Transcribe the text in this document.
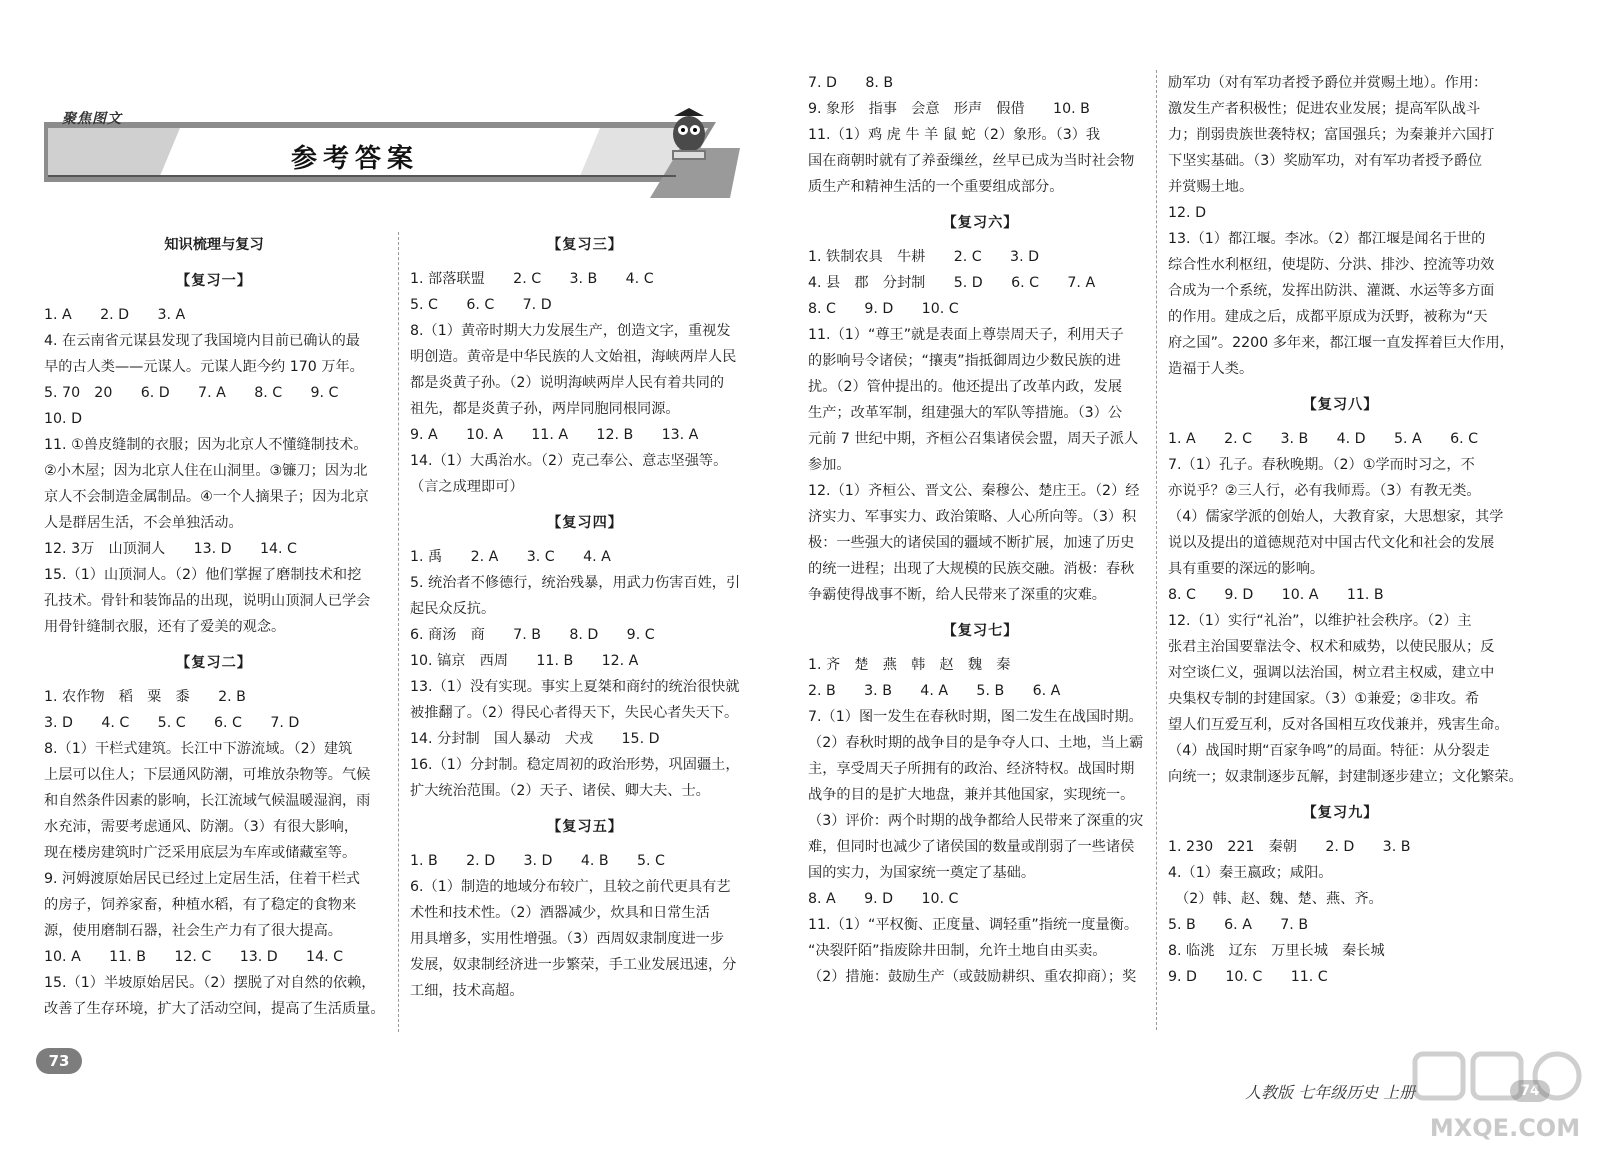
聚焦图文
参考答案
知识梳理与复习
【复习一】
1. A　　2. D　　3. A
4. 在云南省元谋县发现了我国境内目前已确认的最
早的古人类——元谋人。元谋人距今约 170 万年。
5. 70　20　　6. D　　7. A　　8. C　　9. C
10. D
11. ①兽皮缝制的衣服；因为北京人不懂缝制技术。
②小木屋；因为北京人住在山洞里。③镰刀；因为北
京人不会制造金属制品。④一个人摘果子；因为北京
人是群居生活，不会单独活动。
12. 3万　山顶洞人　　13. D　　14. C
15.（1）山顶洞人。（2）他们掌握了磨制技术和挖
孔技术。骨针和装饰品的出现，说明山顶洞人已学会
用骨针缝制衣服，还有了爱美的观念。
【复习二】
1. 农作物　稻　粟　黍　　2. B
3. D　　4. C　　5. C　　6. C　　7. D
8.（1）干栏式建筑。长江中下游流域。（2）建筑
上层可以住人；下层通风防潮，可堆放杂物等。气候
和自然条件因素的影响，长江流域气候温暖湿润，雨
水充沛，需要考虑通风、防潮。（3）有很大影响，
现在楼房建筑时广泛采用底层为车库或储藏室等。
9. 河姆渡原始居民已经过上定居生活，住着干栏式
的房子，饲养家畜，种植水稻，有了稳定的食物来
源，使用磨制石器，社会生产力有了很大提高。
10. A　　11. B　　12. C　　13. D　　14. C
15.（1）半坡原始居民。（2）摆脱了对自然的依赖，
改善了生存环境，扩大了活动空间，提高了生活质量。
【复习三】
1. 部落联盟　　2. C　　3. B　　4. C
5. C　　6. C　　7. D
8.（1）黄帝时期大力发展生产，创造文字，重视发
明创造。黄帝是中华民族的人文始祖，海峡两岸人民
都是炎黄子孙。（2）说明海峡两岸人民有着共同的
祖先，都是炎黄子孙，两岸同胞同根同源。
9. A　　10. A　　11. A　　12. B　　13. A
14.（1）大禹治水。（2）克己奉公、意志坚强等。
（言之成理即可）
【复习四】
1. 禹　　2. A　　3. C　　4. A
5. 统治者不修德行，统治残暴，用武力伤害百姓，引
起民众反抗。
6. 商汤　商　　7. B　　8. D　　9. C
10. 镐京　西周　　11. B　　12. A
13.（1）没有实现。事实上夏桀和商纣的统治很快就
被推翻了。（2）得民心者得天下，失民心者失天下。
14. 分封制　国人暴动　犬戎　　15. D
16.（1）分封制。稳定周初的政治形势，巩固疆土，
扩大统治范围。（2）天子、诸侯、卿大夫、士。
【复习五】
1. B　　2. D　　3. D　　4. B　　5. C
6.（1）制造的地域分布较广，且较之前代更具有艺
术性和技术性。（2）酒器减少，炊具和日常生活
用具增多，实用性增强。（3）西周奴隶制度进一步
发展，奴隶制经济进一步繁荣，手工业发展迅速，分
工细，技术高超。
73
7. D　　8. B
9. 象形　指事　会意　形声　假借　　10. B
11.（1）鸡 虎 牛 羊 鼠 蛇（2）象形。（3）我
国在商朝时就有了养蚕缫丝，丝早已成为当时社会物
质生产和精神生活的一个重要组成部分。
【复习六】
1. 铁制农具　牛耕　　2. C　　3. D
4. 县　郡　分封制　　5. D　　6. C　　7. A
8. C　　9. D　　10. C
11.（1）“尊王”就是表面上尊崇周天子，利用天子
的影响号令诸侯；“攘夷”指抵御周边少数民族的进
扰。（2）管仲提出的。他还提出了改革内政，发展
生产；改革军制，组建强大的军队等措施。（3）公
元前 7 世纪中期，齐桓公召集诸侯会盟，周天子派人
参加。
12.（1）齐桓公、晋文公、秦穆公、楚庄王。（2）经
济实力、军事实力、政治策略、人心所向等。（3）积
极：一些强大的诸侯国的疆域不断扩展，加速了历史
的统一进程；出现了大规模的民族交融。消极：春秋
争霸使得战事不断，给人民带来了深重的灾难。
【复习七】
1. 齐　楚　燕　韩　赵　魏　秦
2. B　　3. B　　4. A　　5. B　　6. A
7.（1）图一发生在春秋时期，图二发生在战国时期。
（2）春秋时期的战争目的是争夺人口、土地，当上霸
主，享受周天子所拥有的政治、经济特权。战国时期
战争的目的是扩大地盘，兼并其他国家，实现统一。
（3）评价：两个时期的战争都给人民带来了深重的灾
难，但同时也减少了诸侯国的数量或削弱了一些诸侯
国的实力，为国家统一奠定了基础。
8. A　　9. D　　10. C
11.（1）“平权衡、正度量、调轻重”指统一度量衡。
“决裂阡陌”指废除井田制，允许土地自由买卖。
（2）措施：鼓励生产（或鼓励耕织、重农抑商）；奖
励军功（对有军功者授予爵位并赏赐土地）。作用：
激发生产者积极性；促进农业发展；提高军队战斗
力；削弱贵族世袭特权；富国强兵；为秦兼并六国打
下坚实基础。（3）奖励军功，对有军功者授予爵位
并赏赐土地。
12. D
13.（1）都江堰。李冰。（2）都江堰是闻名于世的
综合性水利枢纽，使堤防、分洪、排沙、控流等功效
合成为一个系统，发挥出防洪、灌溉、水运等多方面
的作用。建成之后，成都平原成为沃野，被称为“天
府之国”。2200 多年来，都江堰一直发挥着巨大作用，
造福于人类。
【复习八】
1. A　　2. C　　3. B　　4. D　　5. A　　6. C
7.（1）孔子。春秋晚期。（2）①学而时习之，不
亦说乎？②三人行，必有我师焉。（3）有教无类。
（4）儒家学派的创始人，大教育家，大思想家，其学
说以及提出的道德规范对中国古代文化和社会的发展
具有重要的深远的影响。
8. C　　9. D　　10. A　　11. B
12.（1）实行“礼治”，以维护社会秩序。（2）主
张君主治国要靠法令、权术和威势，以使民服从；反
对空谈仁义，强调以法治国，树立君主权威，建立中
央集权专制的封建国家。（3）①兼爱；②非攻。希
望人们互爱互利，反对各国相互攻伐兼并，残害生命。
（4）战国时期“百家争鸣”的局面。特征：从分裂走
向统一；奴隶制逐步瓦解，封建制逐步建立；文化繁荣。
【复习九】
1. 230　221　秦朝　　2. D　　3. B
4.（1）秦王嬴政；咸阳。
　（2）韩、赵、魏、楚、燕、齐。
5. B　　6. A　　7. B
8. 临洮　辽东　万里长城　秦长城
9. D　　10. C　　11. C
人教版 七年级历史 上册	74
MXQE.COM
